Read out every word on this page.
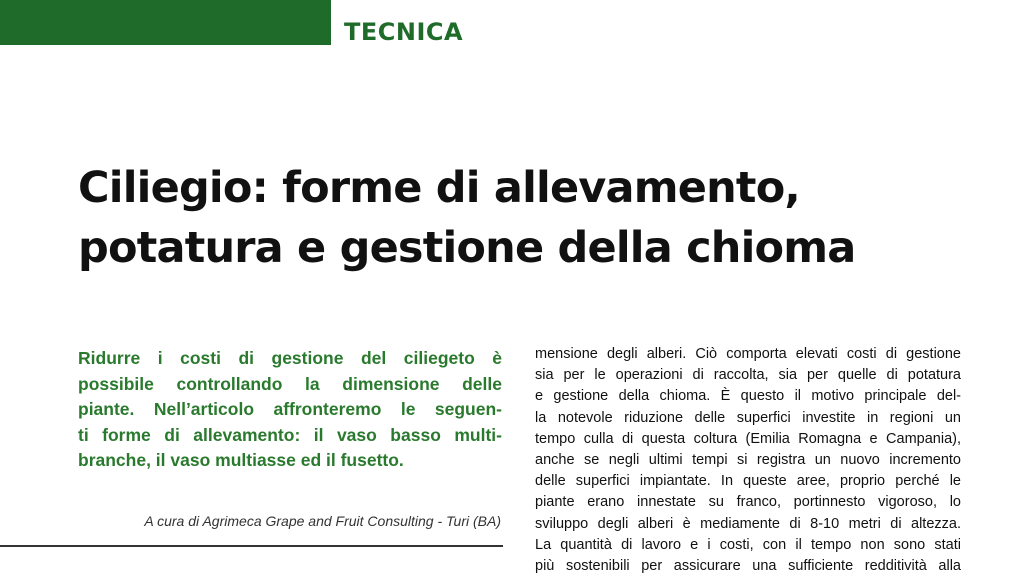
TECNICA
Ciliegio: forme di allevamento,
potatura e gestione della chioma
Ridurre i costi di gestione del ciliegeto è
possibile controllando la dimensione delle
piante. Nell’articolo affronteremo le seguen-
ti forme di allevamento: il vaso basso multi-
branche, il vaso multiasse ed il fusetto.
A cura di Agrimeca Grape and Fruit Consulting - Turi (BA)
mensione degli alberi. Ciò comporta elevati costi di gestione
sia per le operazioni di raccolta, sia per quelle di potatura
e gestione della chioma. È questo il motivo principale del-
la notevole riduzione delle superfici investite in regioni un
tempo culla di questa coltura (Emilia Romagna e Campania),
anche se negli ultimi tempi si registra un nuovo incremento
delle superfici impiantate. In queste aree, proprio perché le
piante erano innestate su franco, portinnesto vigoroso, lo
sviluppo degli alberi è mediamente di 8-10 metri di altezza.
La quantità di lavoro e i costi, con il tempo non sono stati
più sostenibili per assicurare una sufficiente redditività alla
